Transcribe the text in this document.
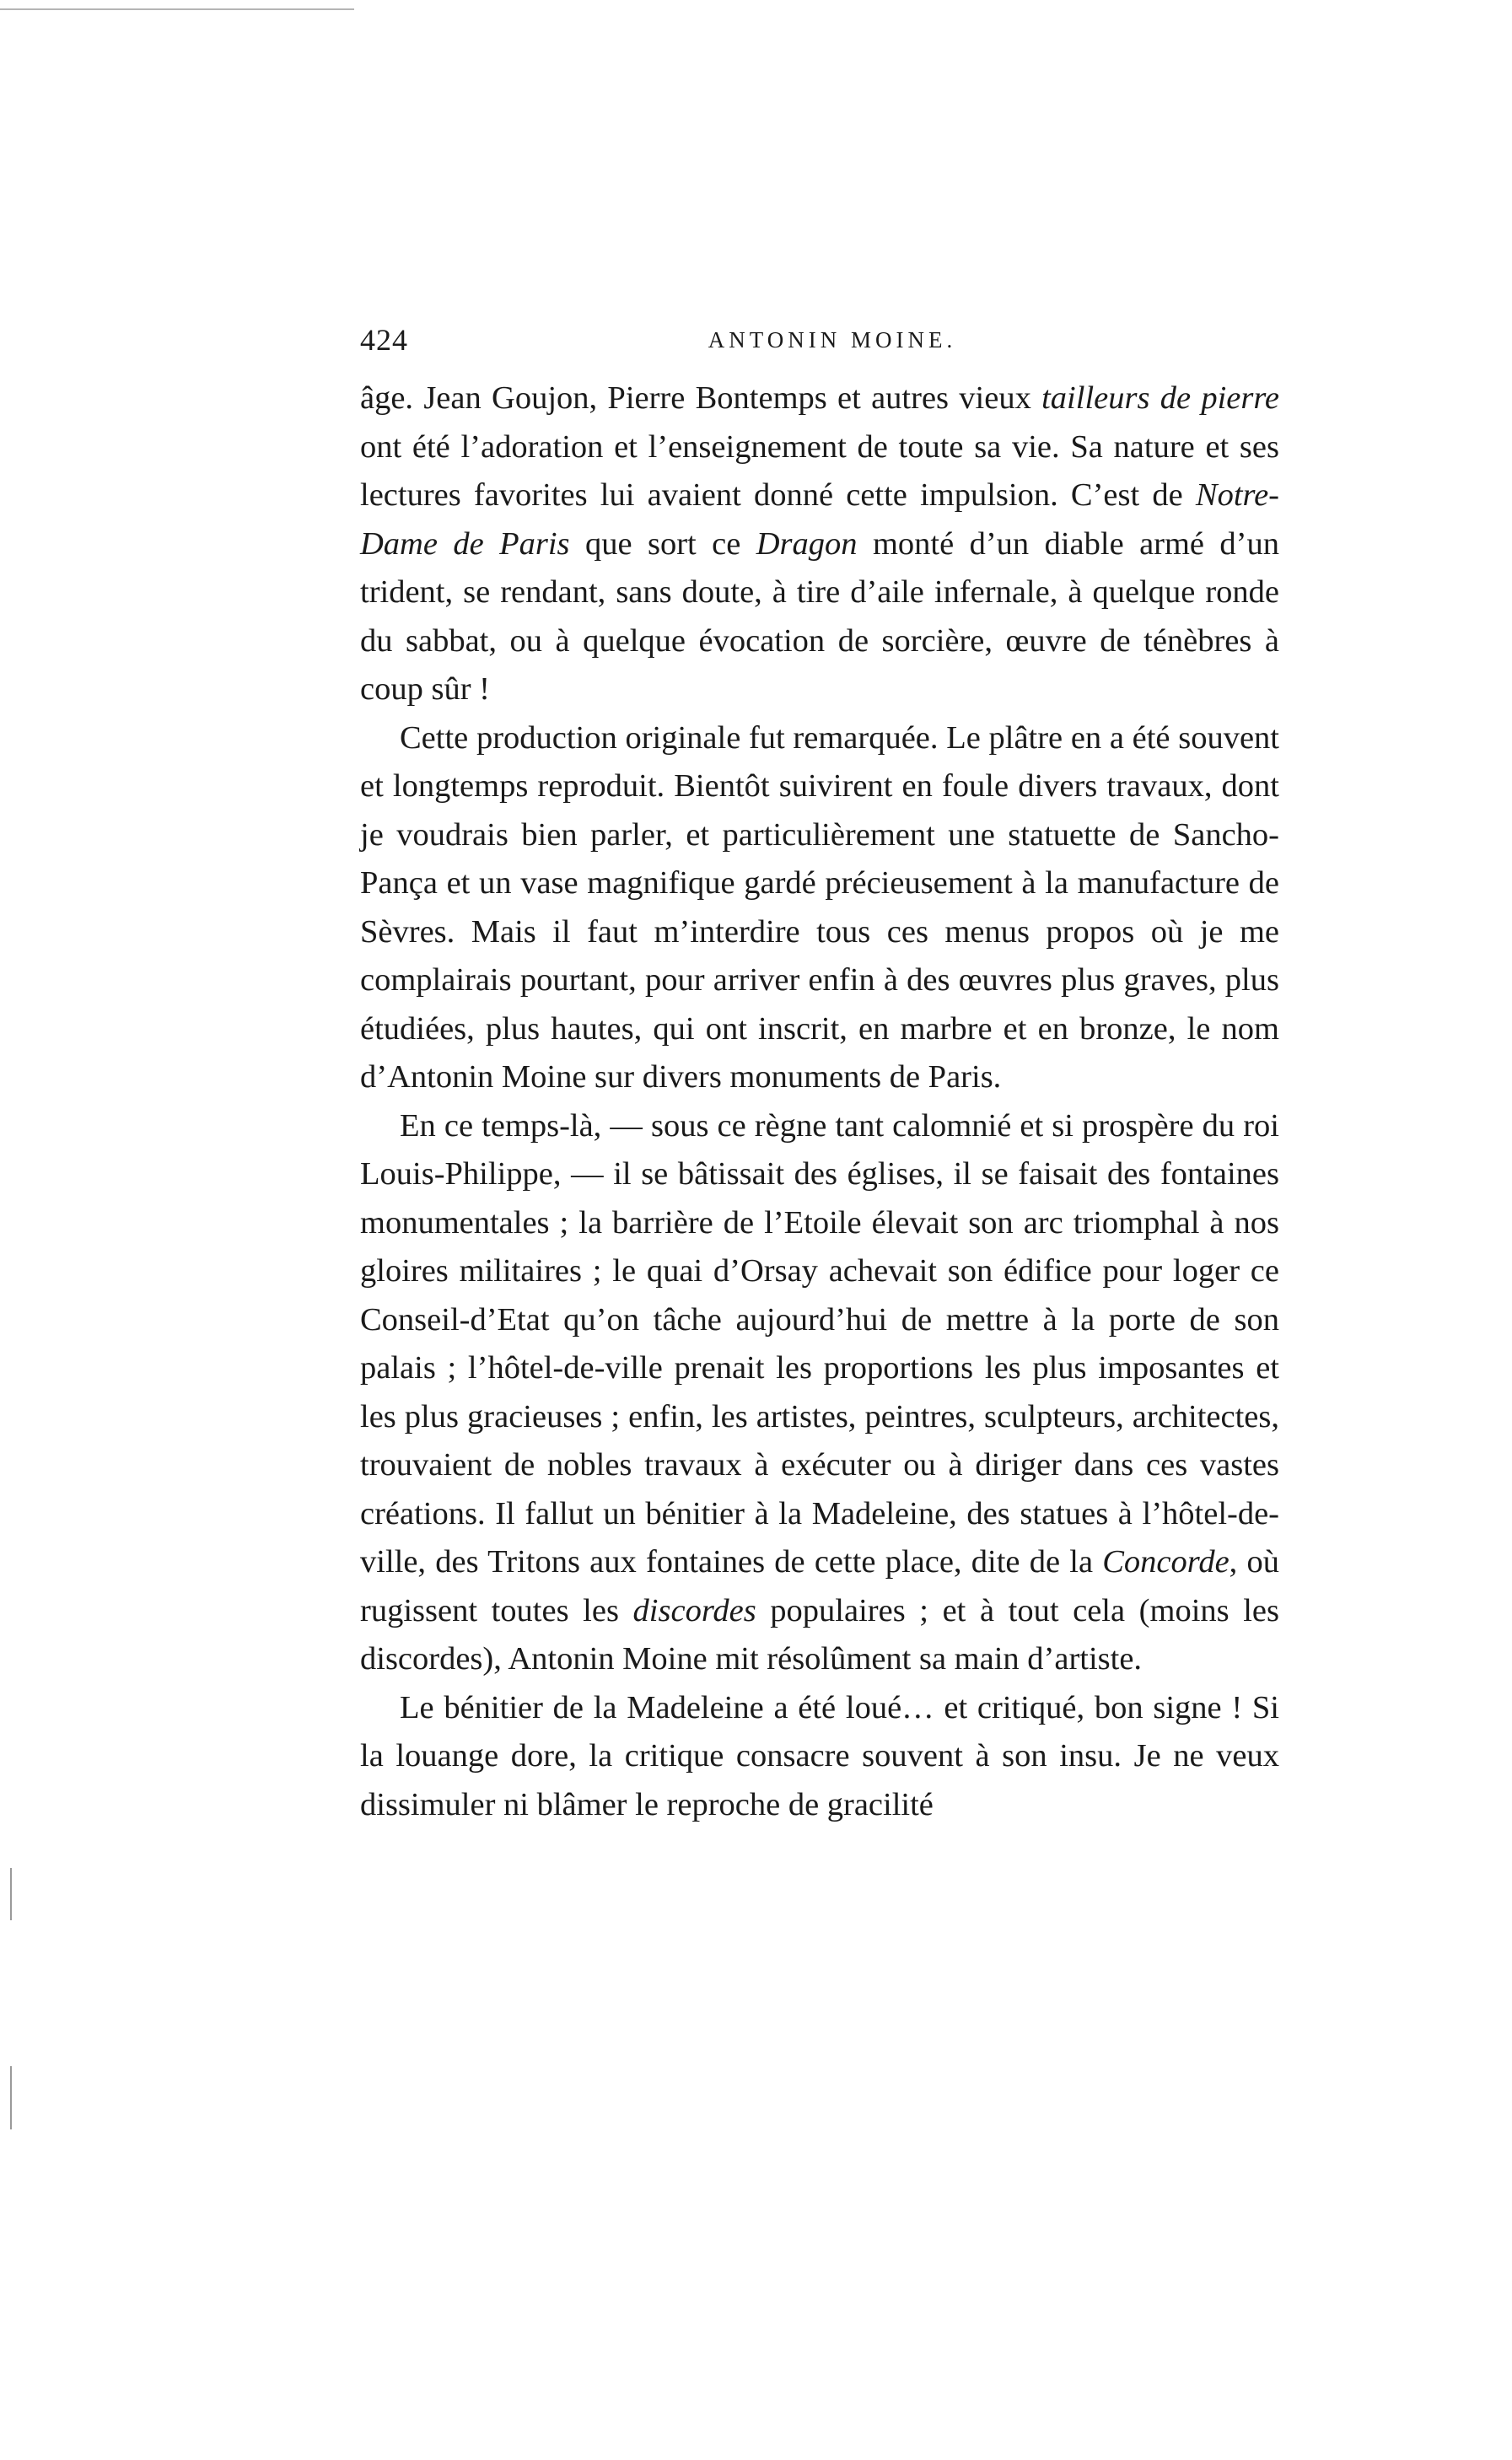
424	ANTONIN MOINE.

âge. Jean Goujon, Pierre Bontemps et autres vieux tailleurs de pierre ont été l’adoration et l’enseignement de toute sa vie. Sa nature et ses lectures favorites lui avaient donné cette impulsion. C’est de Notre-Dame de Paris que sort ce Dragon monté d’un diable armé d’un trident, se rendant, sans doute, à tire d’aile infernale, à quelque ronde du sabbat, ou à quelque évocation de sorcière, œuvre de ténèbres à coup sûr !

Cette production originale fut remarquée. Le plâtre en a été souvent et longtemps reproduit. Bientôt suivirent en foule divers travaux, dont je voudrais bien parler, et particulièrement une statuette de Sancho-Pança et un vase magnifique gardé précieusement à la manufacture de Sèvres. Mais il faut m’interdire tous ces menus propos où je me complairais pourtant, pour arriver enfin à des œuvres plus graves, plus étudiées, plus hautes, qui ont inscrit, en marbre et en bronze, le nom d’Antonin Moine sur divers monuments de Paris.

En ce temps-là, — sous ce règne tant calomnié et si prospère du roi Louis-Philippe, — il se bâtissait des églises, il se faisait des fontaines monumentales ; la barrière de l’Etoile élevait son arc triomphal à nos gloires militaires ; le quai d’Orsay achevait son édifice pour loger ce Conseil-d’Etat qu’on tâche aujourd’hui de mettre à la porte de son palais ; l’hôtel-de-ville prenait les proportions les plus imposantes et les plus gracieuses ; enfin, les artistes, peintres, sculpteurs, architectes, trouvaient de nobles travaux à exécuter ou à diriger dans ces vastes créations. Il fallut un bénitier à la Madeleine, des statues à l’hôtel-de-ville, des Tritons aux fontaines de cette place, dite de la Concorde, où rugissent toutes les discordes populaires ; et à tout cela (moins les discordes), Antonin Moine mit résolûment sa main d’artiste.

Le bénitier de la Madeleine a été loué… et critiqué, bon signe ! Si la louange dore, la critique consacre souvent à son insu. Je ne veux dissimuler ni blâmer le reproche de gracilité
